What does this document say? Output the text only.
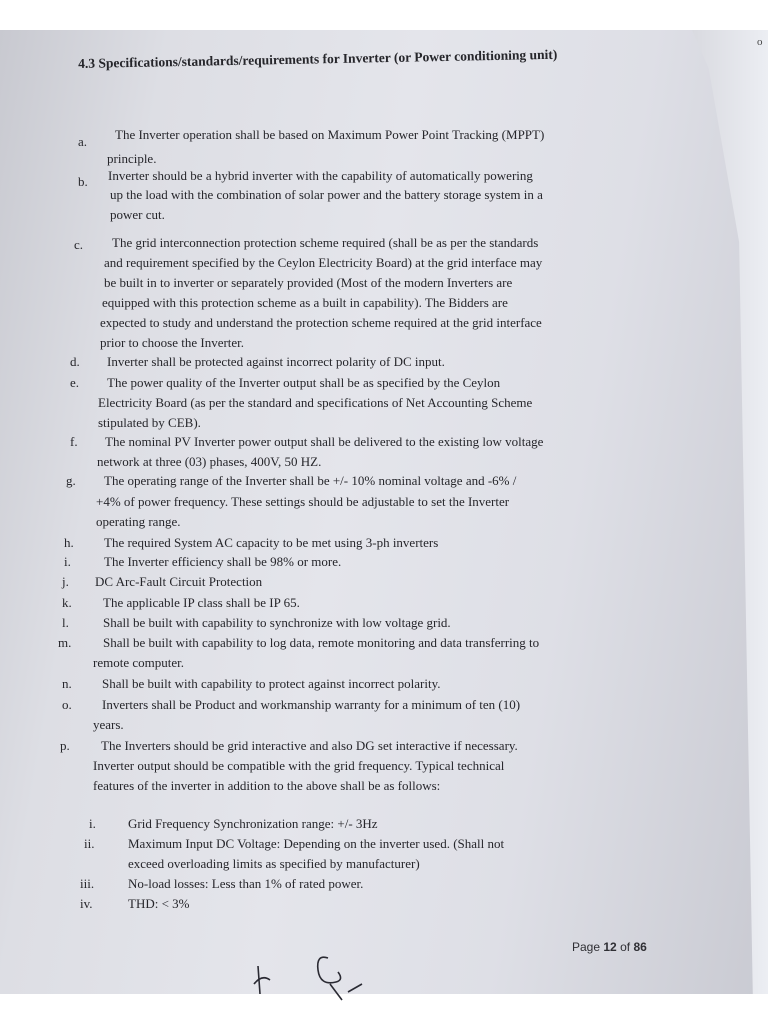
o
4.3 Specifications/standards/requirements for Inverter (or Power conditioning unit)
a. The Inverter operation shall be based on Maximum Power Point Tracking (MPPT)
principle.
b. Inverter should be a hybrid inverter with the capability of automatically powering
up the load with the combination of solar power and the battery storage system in a
power cut.
c. The grid interconnection protection scheme required (shall be as per the standards
and requirement specified by the Ceylon Electricity Board) at the grid interface may
be built in to inverter or separately provided (Most of the modern Inverters are
equipped with this protection scheme as a built in capability). The Bidders are
expected to study and understand the protection scheme required at the grid interface
prior to choose the Inverter.
d. Inverter shall be protected against incorrect polarity of DC input.
e. The power quality of the Inverter output shall be as specified by the Ceylon
Electricity Board (as per the standard and specifications of Net Accounting Scheme
stipulated by CEB).
f. The nominal PV Inverter power output shall be delivered to the existing low voltage
network at three (03) phases, 400V, 50 HZ.
g. The operating range of the Inverter shall be +/- 10% nominal voltage and -6% /
+4% of power frequency. These settings should be adjustable to set the Inverter
operating range.
h. The required System AC capacity to be met using 3-ph inverters
i.	The Inverter efficiency shall be 98% or more.
j. DC Arc-Fault Circuit Protection
k. The applicable IP class shall be IP 65.
l.	Shall be built with capability to synchronize with low voltage grid.
m. Shall be built with capability to log data, remote monitoring and data transferring to
remote computer.
n. Shall be built with capability to protect against incorrect polarity.
o. Inverters shall be Product and workmanship warranty for a minimum of ten (10)
years.
p. The Inverters should be grid interactive and also DG set interactive if necessary.
Inverter output should be compatible with the grid frequency. Typical technical
features of the inverter in addition to the above shall be as follows:
i. Grid Frequency Synchronization range: +/- 3Hz
ii.	Maximum Input DC Voltage: Depending on the inverter used. (Shall not
exceed overloading limits as specified by manufacturer)
iii.	No-load losses: Less than 1% of rated power.
iv.	THD: < 3%
Page 12 of 86
